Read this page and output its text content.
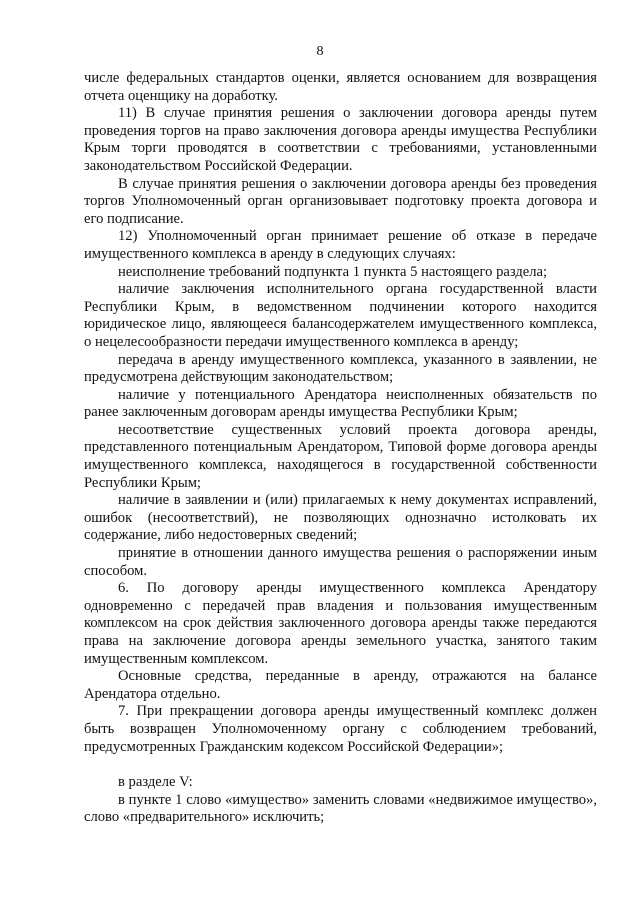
8

числе федеральных стандартов оценки, является основанием для возвращения отчета оценщику на доработку.

11) В случае принятия решения о заключении договора аренды путем проведения торгов на право заключения договора аренды имущества Республики Крым торги проводятся в соответствии с требованиями, установленными законодательством Российской Федерации.

В случае принятия решения о заключении договора аренды без проведения торгов Уполномоченный орган организовывает подготовку проекта договора и его подписание.

12) Уполномоченный орган принимает решение об отказе в передаче имущественного комплекса в аренду в следующих случаях:

неисполнение требований подпункта 1 пункта 5 настоящего раздела;

наличие заключения исполнительного органа государственной власти Республики Крым, в ведомственном подчинении которого находится юридическое лицо, являющееся балансодержателем имущественного комплекса, о нецелесообразности передачи имущественного комплекса в аренду;

передача в аренду имущественного комплекса, указанного в заявлении, не предусмотрена действующим законодательством;

наличие у потенциального Арендатора неисполненных обязательств по ранее заключенным договорам аренды имущества Республики Крым;

несоответствие существенных условий проекта договора аренды, представленного потенциальным Арендатором, Типовой форме договора аренды имущественного комплекса, находящегося в государственной собственности Республики Крым;

наличие в заявлении и (или) прилагаемых к нему документах исправлений, ошибок (несоответствий), не позволяющих однозначно истолковать их содержание, либо недостоверных сведений;

принятие в отношении данного имущества решения о распоряжении иным способом.

6. По договору аренды имущественного комплекса Арендатору одновременно с передачей прав владения и пользования имущественным комплексом на срок действия заключенного договора аренды также передаются права на заключение договора аренды земельного участка, занятого таким имущественным комплексом.

Основные средства, переданные в аренду, отражаются на балансе Арендатора отдельно.

7. При прекращении договора аренды имущественный комплекс должен быть возвращен Уполномоченному органу с соблюдением требований, предусмотренных Гражданским кодексом Российской Федерации»;

в разделе V:

в пункте 1 слово «имущество» заменить словами «недвижимое имущество», слово «предварительного» исключить;
